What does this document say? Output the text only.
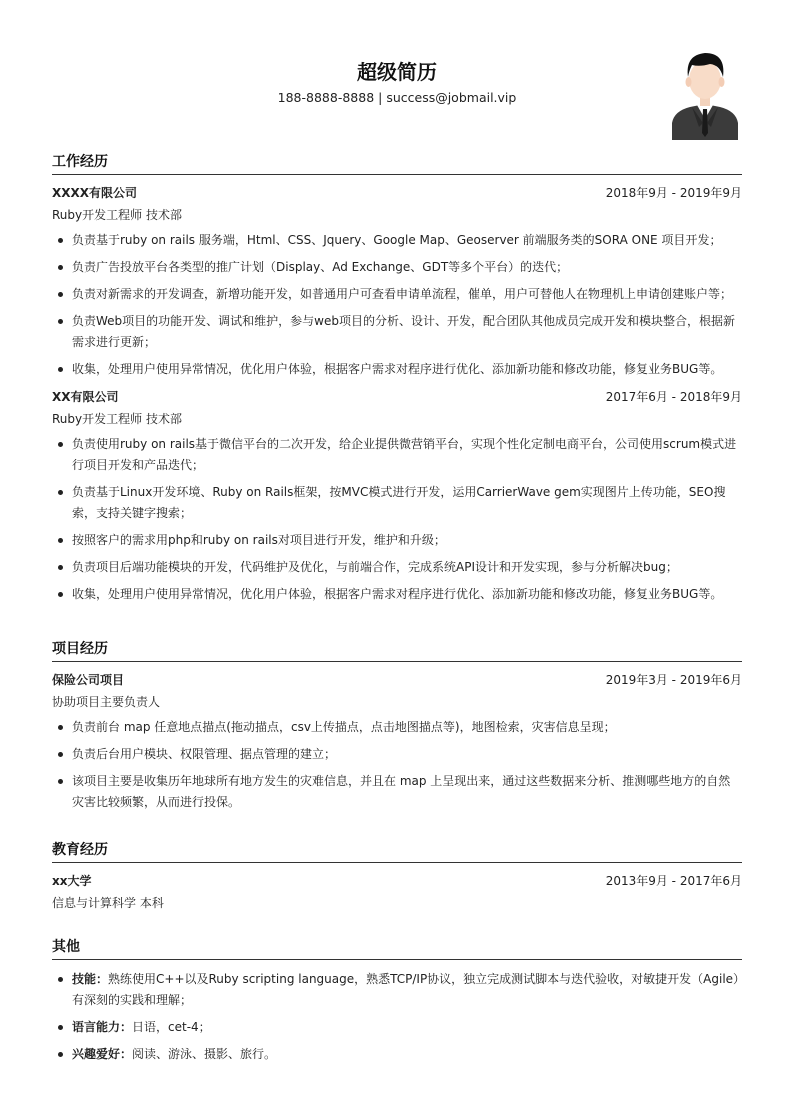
超级简历
188-8888-8888 | success@jobmail.vip
工作经历
XXXX有限公司	2018年9月 - 2019年9月
Ruby开发工程师 技术部
负责基于ruby on rails 服务端，Html、CSS、Jquery、Google Map、Geoserver 前端服务类的SORA ONE 项目开发；
负责广告投放平台各类型的推广计划（Display、Ad Exchange、GDT等多个平台）的迭代；
负责对新需求的开发调查，新增功能开发，如普通用户可查看申请单流程，催单，用户可替他人在物理机上申请创建账户等；
负责Web项目的功能开发、调试和维护，参与web项目的分析、设计、开发，配合团队其他成员完成开发和模块整合，根据新需求进行更新；
收集，处理用户使用异常情况，优化用户体验，根据客户需求对程序进行优化、添加新功能和修改功能，修复业务BUG等。
XX有限公司	2017年6月 - 2018年9月
Ruby开发工程师 技术部
负责使用ruby on rails基于微信平台的二次开发，给企业提供微营销平台，实现个性化定制电商平台，公司使用scrum模式进行项目开发和产品迭代；
负责基于Linux开发环境、Ruby on Rails框架，按MVC模式进行开发，运用CarrierWave gem实现图片上传功能，SEO搜索，支持关键字搜索；
按照客户的需求用php和ruby on rails对项目进行开发，维护和升级；
负责项目后端功能模块的开发，代码维护及优化，与前端合作，完成系统API设计和开发实现，参与分析解决bug；
收集，处理用户使用异常情况，优化用户体验，根据客户需求对程序进行优化、添加新功能和修改功能，修复业务BUG等。
项目经历
保险公司项目	2019年3月 - 2019年6月
协助项目主要负责人
负责前台 map 任意地点描点(拖动描点，csv上传描点，点击地图描点等)，地图检索，灾害信息呈现；
负责后台用户模块、权限管理、据点管理的建立；
该项目主要是收集历年地球所有地方发生的灾难信息，并且在 map 上呈现出来，通过这些数据来分析、推测哪些地方的自然灾害比较频繁，从而进行投保。
教育经历
xx大学	2013年9月 - 2017年6月
信息与计算科学 本科
其他
技能：熟练使用C++以及Ruby scripting language，熟悉TCP/IP协议，独立完成测试脚本与迭代验收，对敏捷开发（Agile）有深刻的实践和理解；
语言能力：日语，cet-4；
兴趣爱好：阅读、游泳、摄影、旅行。
